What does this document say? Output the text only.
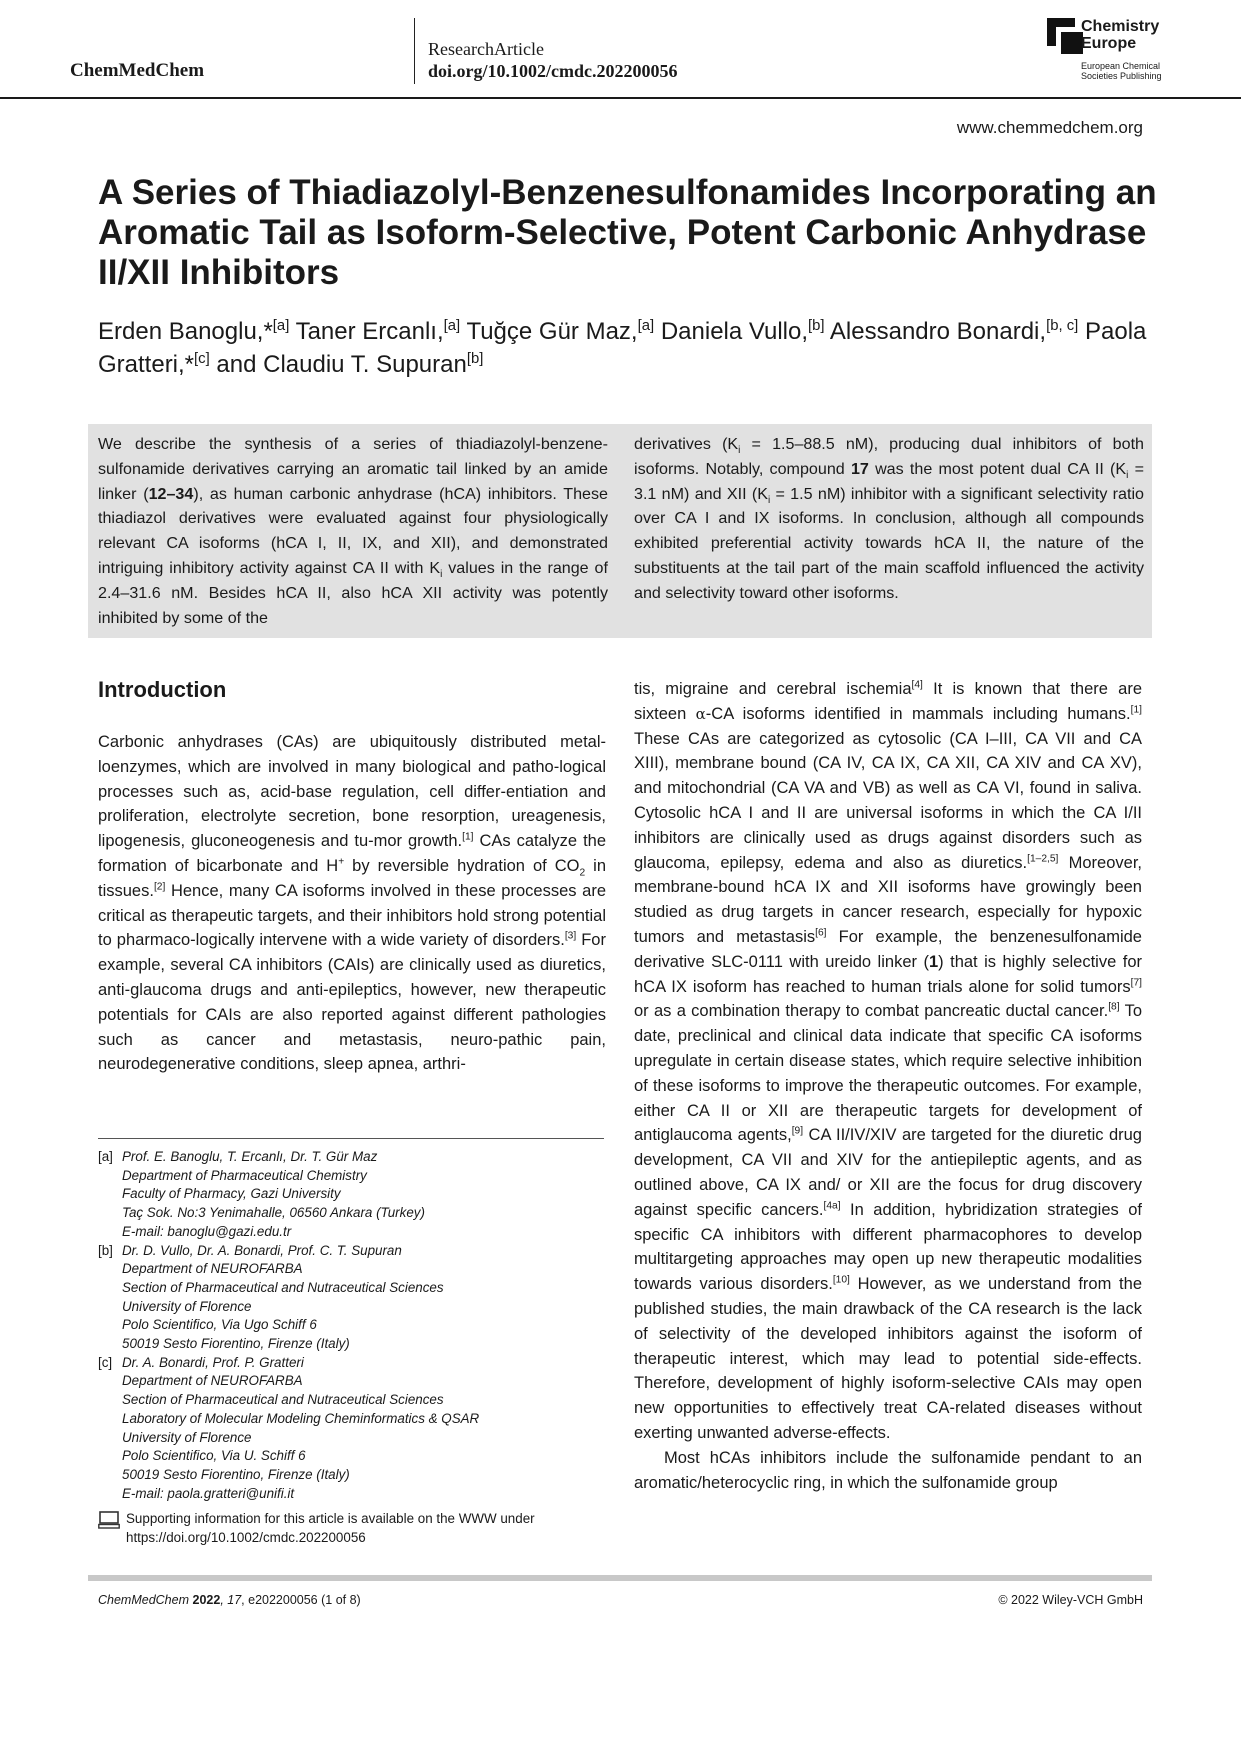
ChemMedChem
ResearchArticle
doi.org/10.1002/cmdc.202200056
Chemistry
Europe
European Chemical
Societies Publishing
www.chemmedchem.org
A Series of Thiadiazolyl-Benzenesulfonamides Incorporating an Aromatic Tail as Isoform-Selective, Potent Carbonic Anhydrase II/XII Inhibitors
Erden Banoglu,*[a] Taner Ercanlı,[a] Tuğçe Gür Maz,[a] Daniela Vullo,[b] Alessandro Bonardi,[b, c] Paola Gratteri,*[c] and Claudiu T. Supuran[b]
We describe the synthesis of a series of thiadiazolyl-benzene-sulfonamide derivatives carrying an aromatic tail linked by an amide linker (12–34), as human carbonic anhydrase (hCA) inhibitors. These thiadiazol derivatives were evaluated against four physiologically relevant CA isoforms (hCA I, II, IX, and XII), and demonstrated intriguing inhibitory activity against CA II with $K_i$ values in the range of 2.4–31.6 nM. Besides hCA II, also hCA XII activity was potently inhibited by some of the
derivatives ($K_i = 1.5-88.5$ nM), producing dual inhibitors of both isoforms. Notably, compound 17 was the most potent dual CA II ($K_i = 3.1$ nM) and XII ($K_i = 1.5$ nM) inhibitor with a significant selectivity ratio over CA I and IX isoforms. In conclusion, although all compounds exhibited preferential activity towards hCA II, the nature of the substituents at the tail part of the main scaffold influenced the activity and selectivity toward other isoforms.
Introduction

Carbonic anhydrases (CAs) are ubiquitously distributed metal-loenzymes, which are involved in many biological and patho-logical processes such as, acid-base regulation, cell differ-entiation and proliferation, electrolyte secretion, bone resorption, ureagenesis, lipogenesis, gluconeogenesis and tu-mor growth.[1] CAs catalyze the formation of bicarbonate and H+ by reversible hydration of $CO_2$ in tissues.[2] Hence, many CA isoforms involved in these processes are critical as therapeutic targets, and their inhibitors hold strong potential to pharmaco-logically intervene with a wide variety of disorders.[3] For example, several CA inhibitors (CAIs) are clinically used as diuretics, anti-glaucoma drugs and anti-epileptics, however, new therapeutic potentials for CAIs are also reported against different pathologies such as cancer and metastasis, neuro-pathic pain, neurodegenerative conditions, sleep apnea, arthri-

tis, migraine and cerebral ischemia[4] It is known that there are sixteen α-CA isoforms identified in mammals including humans.[1] These CAs are categorized as cytosolic (CA I–III, CA VII and CA XIII), membrane bound (CA IV, CA IX, CA XII, CA XIV and CA XV), and mitochondrial (CA VA and VB) as well as CA VI, found in saliva. Cytosolic hCA I and II are universal isoforms in which the CA I/II inhibitors are clinically used as drugs against disorders such as glaucoma, epilepsy, edema and also as diuretics.[1–2,5] Moreover, membrane-bound hCA IX and XII isoforms have growingly been studied as drug targets in cancer research, especially for hypoxic tumors and metastasis[6] For example, the benzenesulfonamide derivative SLC-0111 with ureido linker (1) that is highly selective for hCA IX isoform has reached to human trials alone for solid tumors[7] or as a combination therapy to combat pancreatic ductal cancer.[8] To date, preclinical and clinical data indicate that specific CA isoforms upregulate in certain disease states, which require selective inhibition of these isoforms to improve the therapeutic outcomes. For example, either CA II or XII are therapeutic targets for development of antiglaucoma agents,[9] CA II/IV/XIV are targeted for the diuretic drug development, CA VII and XIV for the antiepileptic agents, and as outlined above, CA IX and/ or XII are the focus for drug discovery against specific cancers.[4a] In addition, hybridization strategies of specific CA inhibitors with different pharmacophores to develop multitargeting approaches may open up new therapeutic modalities towards various disorders.[10] However, as we understand from the published studies, the main drawback of the CA research is the lack of selectivity of the developed inhibitors against the isoform of therapeutic interest, which may lead to potential side-effects. Therefore, development of highly isoform-selective CAIs may open new opportunities to effectively treat CA-related diseases without exerting unwanted adverse-effects.

Most hCAs inhibitors include the sulfonamide pendant to an aromatic/heterocyclic ring, in which the sulfonamide group

[a] Prof. E. Banoglu, T. Ercanlı, Dr. T. Gür Maz
Department of Pharmaceutical Chemistry
Faculty of Pharmacy, Gazi University
Taç Sok. No:3 Yenimahalle, 06560 Ankara (Turkey)
E-mail: banoglu@gazi.edu.tr
[b] Dr. D. Vullo, Dr. A. Bonardi, Prof. C. T. Supuran
Department of NEUROFARBA
Section of Pharmaceutical and Nutraceutical Sciences
University of Florence
Polo Scientifico, Via Ugo Schiff 6
50019 Sesto Fiorentino, Firenze (Italy)
[c] Dr. A. Bonardi, Prof. P. Gratteri
Department of NEUROFARBA
Section of Pharmaceutical and Nutraceutical Sciences
Laboratory of Molecular Modeling Cheminformatics & QSAR
University of Florence
Polo Scientifico, Via U. Schiff 6
50019 Sesto Fiorentino, Firenze (Italy)
E-mail: paola.gratteri@unifi.it
Supporting information for this article is available on the WWW under https://doi.org/10.1002/cmdc.202200056
ChemMedChem 2022, 17, e202200056 (1 of 8)	© 2022 Wiley-VCH GmbH
